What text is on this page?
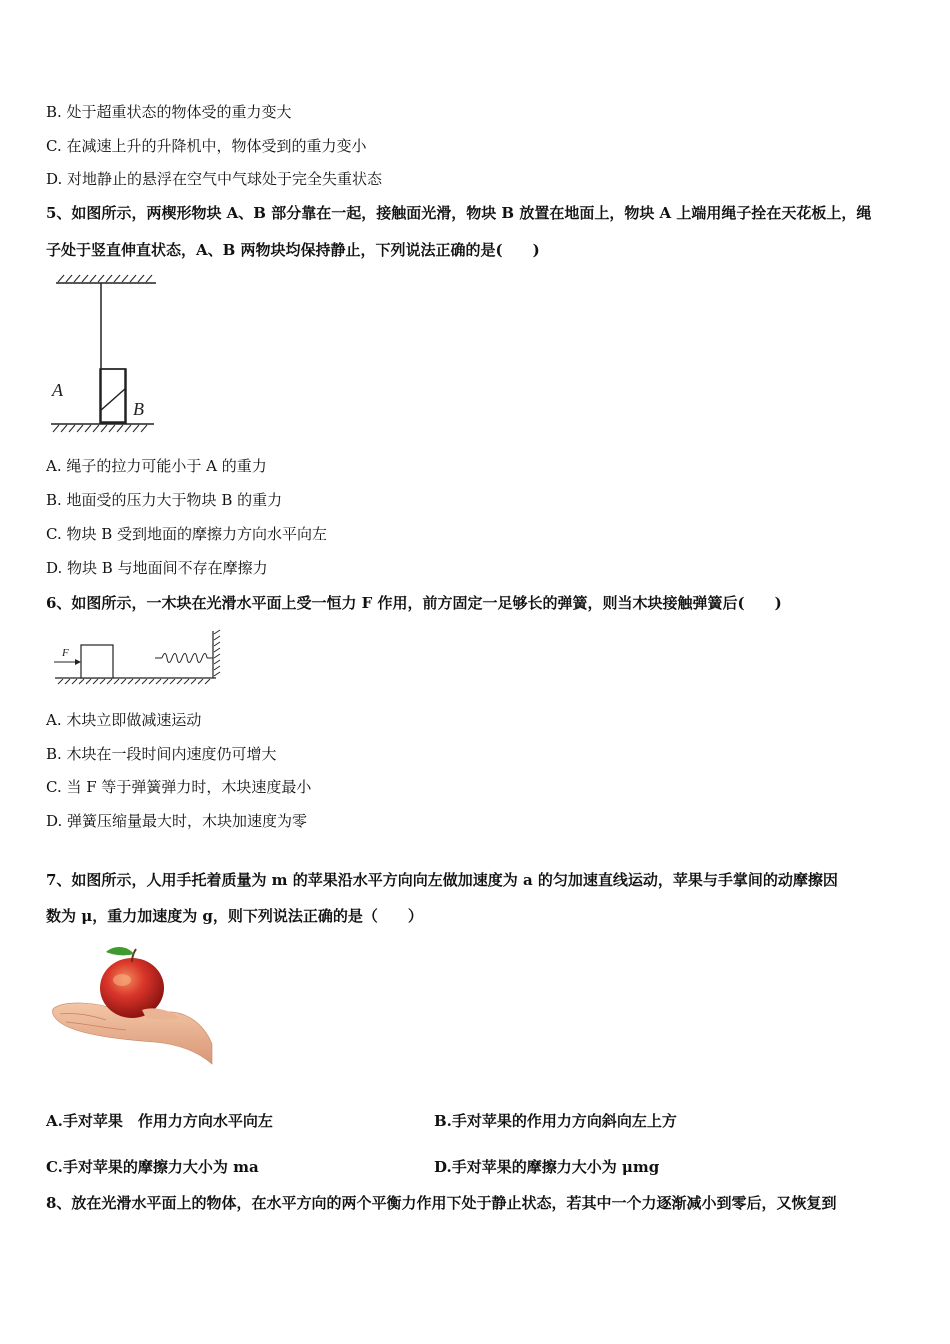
B. 处于超重状态的物体受的重力变大
C. 在减速上升的升降机中，物体受到的重力变小
D. 对地静止的悬浮在空气中气球处于完全失重状态
5、如图所示，两楔形物块 A、B 部分靠在一起，接触面光滑，物块 B 放置在地面上，物块 A 上端用绳子拴在天花板上，绳
子处于竖直伸直状态，A、B 两物块均保持静止，下列说法正确的是(　　)
A
B
A. 绳子的拉力可能小于 A 的重力
B. 地面受的压力大于物块 B 的重力
C. 物块 B 受到地面的摩擦力方向水平向左
D. 物块 B 与地面间不存在摩擦力
6、如图所示，一木块在光滑水平面上受一恒力 F 作用，前方固定一足够长的弹簧，则当木块接触弹簧后(　　)
F
A. 木块立即做减速运动
B. 木块在一段时间内速度仍可增大
C. 当 F 等于弹簧弹力时，木块速度最小
D. 弹簧压缩量最大时，木块加速度为零
7、如图所示，人用手托着质量为 m 的苹果沿水平方向向左做加速度为 a 的匀加速直线运动，苹果与手掌间的动摩擦因
数为 μ，重力加速度为 g，则下列说法正确的是（　　）
A.手对苹果　作用力方向水平向左	B.手对苹果的作用力方向斜向左上方
C.手对苹果的摩擦力大小为 ma	D.手对苹果的摩擦力大小为 μmg
8、放在光滑水平面上的物体，在水平方向的两个平衡力作用下处于静止状态，若其中一个力逐渐减小到零后，又恢复到
